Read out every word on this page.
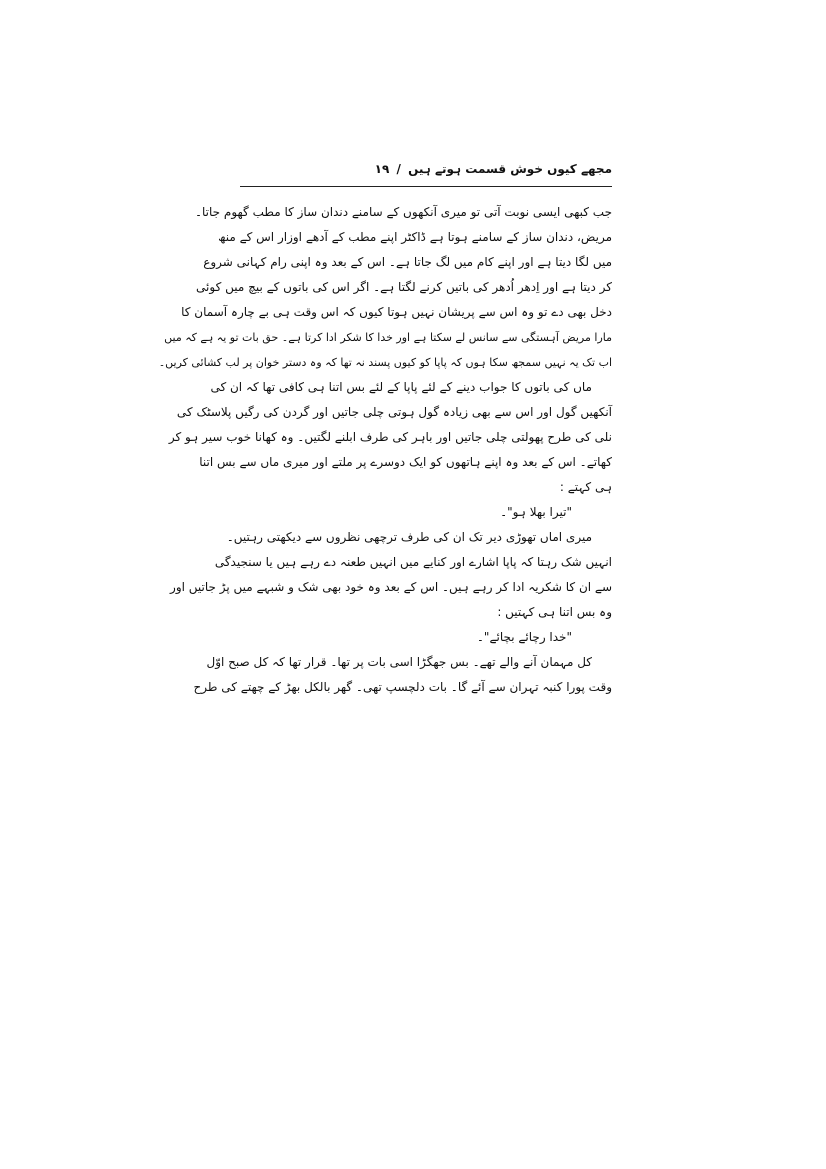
مجھے کیوں خوش قسمت ہوتے ہیں / ۱۹
جب کبھی ایسی نوبت آتی تو میری آنکھوں کے سامنے دندان ساز کا مطب گھوم جاتا۔
مریض، دندان ساز کے سامنے ہوتا ہے ڈاکٹر اپنے مطب کے آدھے اوزار اس کے منھ
میں لگا دیتا ہے اور اپنے کام میں لگ جاتا ہے۔ اس کے بعد وہ اپنی رام کہانی شروع
کر دیتا ہے اور اِدھر اُدھر کی باتیں کرنے لگتا ہے۔ اگر اس کی باتوں کے بیچ میں کوئی
دخل بھی دے تو وہ اس سے پریشان نہیں ہوتا کیوں کہ اس وقت ہی بے چارہ آسمان کا
مارا مریض آہستگی سے سانس لے سکتا ہے اور خدا کا شکر ادا کرتا ہے۔ حق بات تو یہ ہے کہ میں
اب تک یہ نہیں سمجھ سکا ہوں کہ پاپا کو کیوں پسند نہ تھا کہ وہ دستر خوان پر لب کشائی کریں۔
ماں کی باتوں کا جواب دینے کے لئے پاپا کے لئے بس اتنا ہی کافی تھا کہ ان کی
آنکھیں گول اور اس سے بھی زیادہ گول ہوتی چلی جاتیں اور گردن کی رگیں پلاسٹک کی
نلی کی طرح پھولتی چلی جاتیں اور باہر کی طرف ابلنے لگتیں۔ وہ کھانا خوب سیر ہو کر
کھاتے۔ اس کے بعد وہ اپنے ہاتھوں کو ایک دوسرے پر ملتے اور میری ماں سے بس اتنا
ہی کہتے :
"تیرا بھلا ہو"۔
میری اماں تھوڑی دیر تک ان کی طرف ترچھی نظروں سے دیکھتی رہتیں۔
انہیں شک رہتا کہ پاپا اشارے اور کنایے میں انہیں طعنہ دے رہے ہیں یا سنجیدگی
سے ان کا شکریہ ادا کر رہے ہیں۔ اس کے بعد وہ خود بھی شک و شبہے میں پڑ جاتیں اور
وہ بس اتنا ہی کہتیں :
"خدا رچائے بچائے"۔
کل مہمان آنے والے تھے۔ بس جھگڑا اسی بات پر تھا۔ قرار تھا کہ کل صبح اوّل
وقت پورا کنبہ تہران سے آئے گا۔ بات دلچسپ تھی۔ گھر بالکل بھڑ کے چھتے کی طرح
